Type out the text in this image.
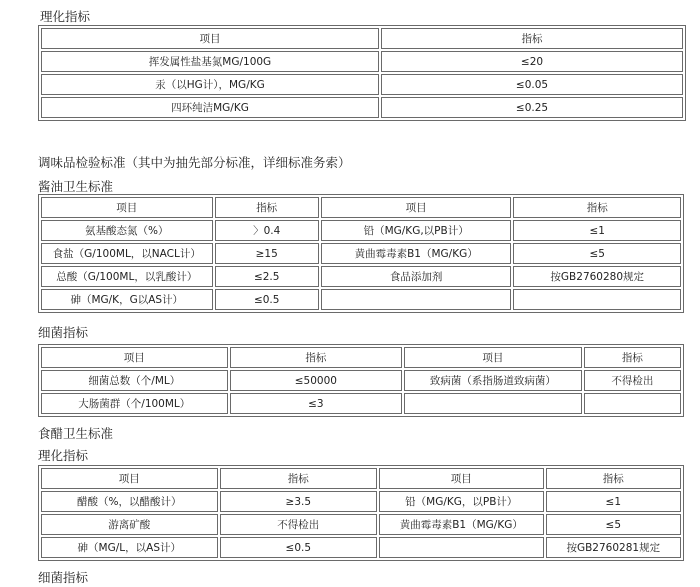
理化指标
项目	指标
挥发属性盐基氮MG/100G	≤20
汞（以HG计），MG/KG	≤0.05
四环纯洁MG/KG	≤0.25
调味品检验标准（其中为抽先部分标准，详细标准务索）
酱油卫生标准
项目	指标	项目	指标
氨基酸态氮（%）	〉0.4	铅（MG/KG,以PB计）	≤1
食盐（G/100ML，以NACL计）	≥15	黄曲霉毒素B1（MG/KG）	≤5
总酸（G/100ML，以乳酸计）	≤2.5	食品添加剂	按GB2760280规定
砷（MG/K，G以AS计）	≤0.5		
细菌指标
项目	指标	项目	指标
细菌总数（个/ML）	≤50000	致病菌（系指肠道致病菌）	不得检出
大肠菌群（个/100ML）	≤3		
食醋卫生标准
理化指标
项目	指标	项目	指标
醋酸（%，以醋酸计）	≥3.5	铅（MG/KG，以PB计）	≤1
游离矿酸	不得检出	黄曲霉毒素B1（MG/KG）	≤5
砷（MG/L，以AS计）	≤0.5		按GB2760281规定
细菌指标
